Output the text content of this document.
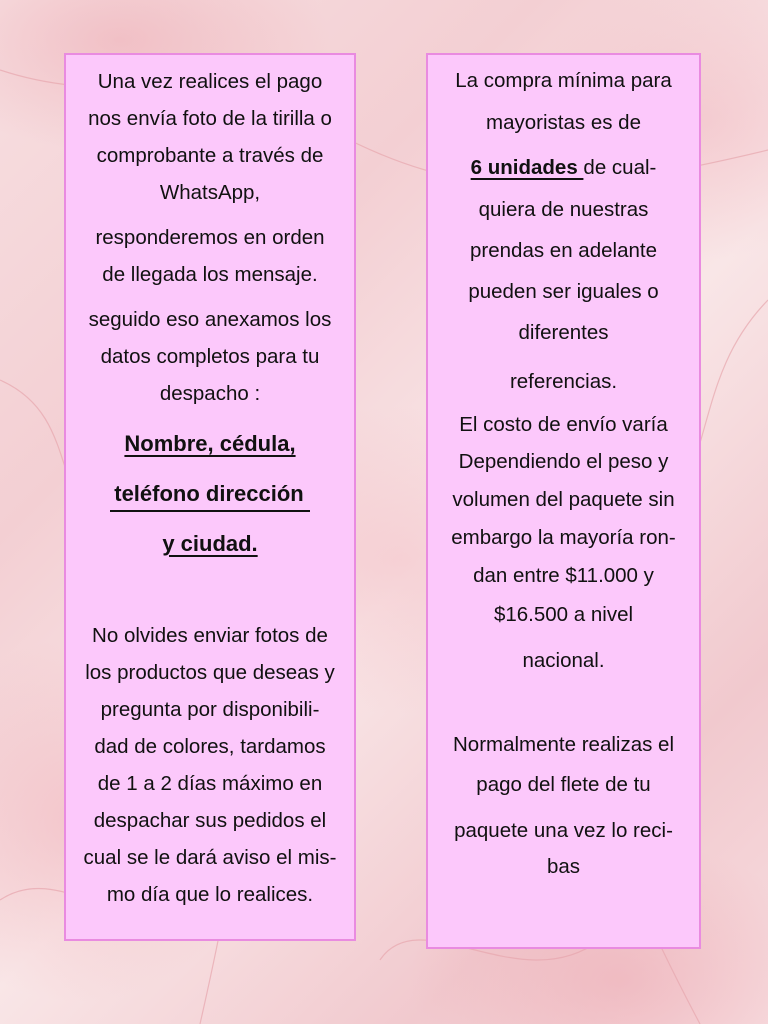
Una vez realices el pago
nos envía foto de la tirilla o
comprobante a través de
WhatsApp,
responderemos en orden
de llegada los mensaje.
seguido eso anexamos los
datos completos para tu
despacho :
Nombre, cédula,
teléfono dirección
y ciudad.
No olvides enviar fotos de
los productos que deseas y
pregunta por disponibili-
dad de colores, tardamos
de 1 a 2 días máximo en
despachar sus pedidos el
cual se le dará aviso el mis-
mo día que lo realices.
La compra mínima para
mayoristas es de
6 unidades de cual-
quiera de nuestras
prendas en adelante
pueden ser iguales o
diferentes
referencias.
El costo de envío varía
Dependiendo el peso y
volumen del paquete sin
embargo la mayoría ron-
dan entre $11.000 y
$16.500 a nivel
nacional.
Normalmente realizas el
pago del flete de tu
paquete una vez lo reci-
bas
